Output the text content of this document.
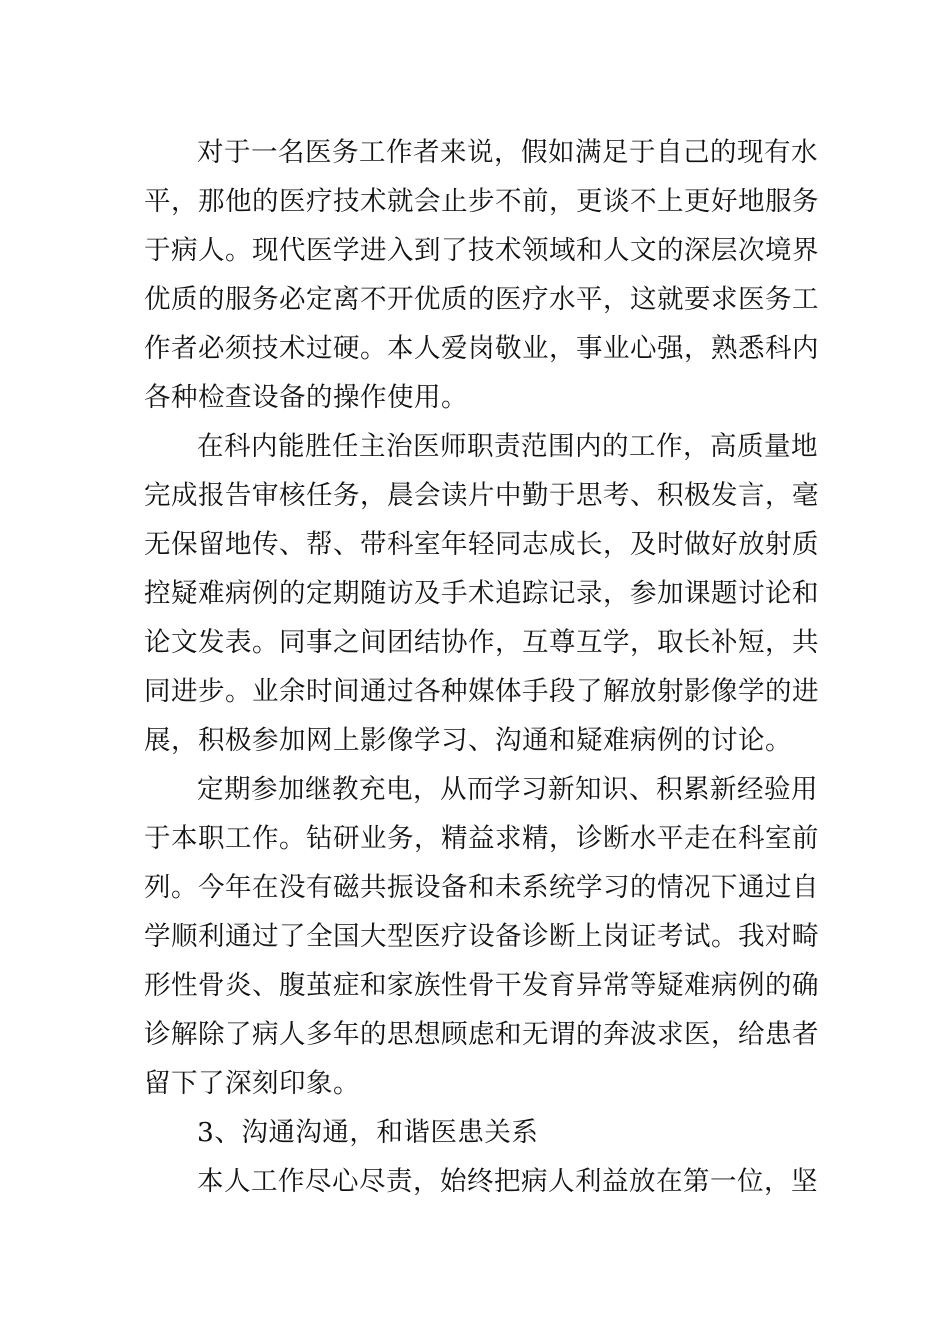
对于一名医务工作者来说，假如满足于自己的现有水
平，那他的医疗技术就会止步不前，更谈不上更好地服务
于病人。现代医学进入到了技术领域和人文的深层次境界
优质的服务必定离不开优质的医疗水平，这就要求医务工
作者必须技术过硬。本人爱岗敬业，事业心强，熟悉科内
各种检查设备的操作使用。
在科内能胜任主治医师职责范围内的工作，高质量地
完成报告审核任务，晨会读片中勤于思考、积极发言，毫
无保留地传、帮、带科室年轻同志成长，及时做好放射质
控疑难病例的定期随访及手术追踪记录，参加课题讨论和
论文发表。同事之间团结协作，互尊互学，取长补短，共
同进步。业余时间通过各种媒体手段了解放射影像学的进
展，积极参加网上影像学习、沟通和疑难病例的讨论。
定期参加继教充电，从而学习新知识、积累新经验用
于本职工作。钻研业务，精益求精，诊断水平走在科室前
列。今年在没有磁共振设备和未系统学习的情况下通过自
学顺利通过了全国大型医疗设备诊断上岗证考试。我对畸
形性骨炎、腹茧症和家族性骨干发育异常等疑难病例的确
诊解除了病人多年的思想顾虑和无谓的奔波求医，给患者
留下了深刻印象。
3、沟通沟通，和谐医患关系
本人工作尽心尽责，始终把病人利益放在第一位，坚
